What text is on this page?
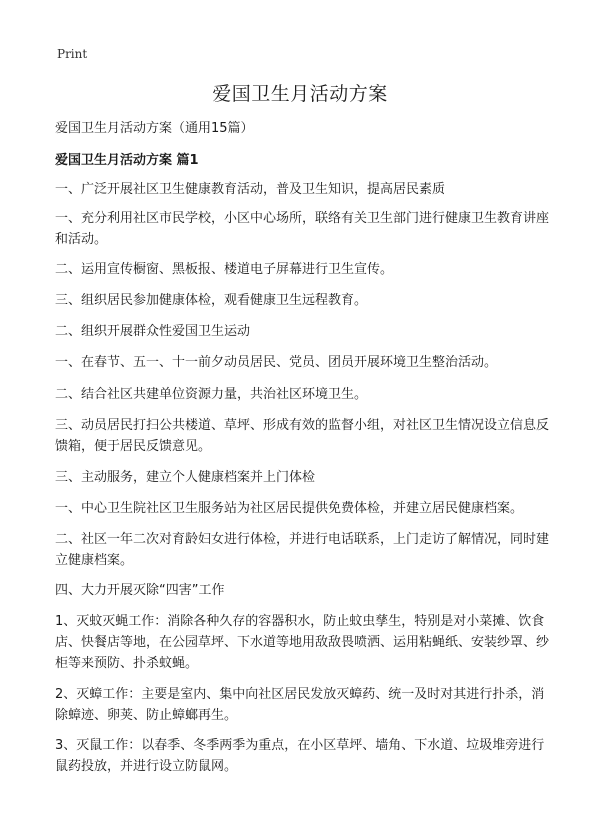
Print
爱国卫生月活动方案

爱国卫生月活动方案（通用15篇）

爱国卫生月活动方案 篇1

一、广泛开展社区卫生健康教育活动，普及卫生知识，提高居民素质

一、充分利用社区市民学校，小区中心场所，联络有关卫生部门进行健康卫生教育讲座和活动。

二、运用宣传橱窗、黑板报、楼道电子屏幕进行卫生宣传。

三、组织居民参加健康体检，观看健康卫生远程教育。

二、组织开展群众性爱国卫生运动

一、在春节、五一、十一前夕动员居民、党员、团员开展环境卫生整治活动。

二、结合社区共建单位资源力量，共治社区环境卫生。

三、动员居民打扫公共楼道、草坪、形成有效的监督小组，对社区卫生情况设立信息反馈箱，便于居民反馈意见。

三、主动服务，建立个人健康档案并上门体检

一、中心卫生院社区卫生服务站为社区居民提供免费体检，并建立居民健康档案。

二、社区一年二次对育龄妇女进行体检，并进行电话联系，上门走访了解情况，同时建立健康档案。

四、大力开展灭除“四害”工作

1、灭蚊灭蝇工作：消除各种久存的容器积水，防止蚊虫孳生，特别是对小菜摊、饮食店、快餐店等地，在公园草坪、下水道等地用敌敌畏喷洒、运用粘蝇纸、安装纱罩、纱柜等来预防、扑杀蚊蝇。

2、灭蟑工作：主要是室内、集中向社区居民发放灭蟑药、统一及时对其进行扑杀，消除蟑迹、卵荚、防止蟑螂再生。

3、灭鼠工作：以春季、冬季两季为重点，在小区草坪、墙角、下水道、垃圾堆旁进行鼠药投放，并进行设立防鼠网。
